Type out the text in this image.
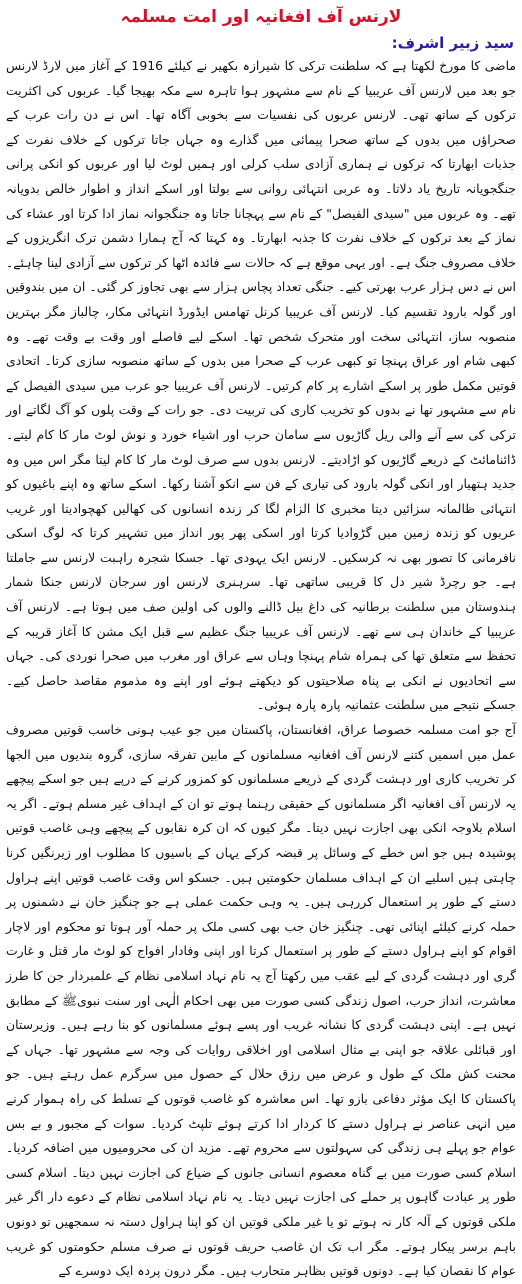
لارنس آف افغانیہ اور امت مسلمہ
سید زبیر اشرف:

ماضی کا مورخ لکھتا ہے کہ سلطنت ترکی کا شیرازہ بکھیر نے کیلئے 1916 کے آغاز میں لارڈ لارنس جو بعد میں لارنس آف عریبیا کے نام سے مشہور ہوا تاہرہ سے مکہ بھیجا گیا۔ عربوں کی اکثریت ترکوں کے ساتھ تھی۔ لارنس عربوں کی نفسیات سے بخوبی آگاہ تھا۔ اس نے دن رات عرب کے صحراؤں میں بدوں کے ساتھ صحرا پیمائی میں گذارے وہ جہاں جاتا ترکوں کے خلاف نفرت کے جذبات ابھارتا کہ ترکوں نے ہماری آزادی سلب کرلی اور ہمیں لوٹ لیا اور عربوں کو انکی پرانی جنگجویانہ تاریخ یاد دلاتا۔ وہ عربی انتہائی روانی سے بولتا اور اسکے انداز و اطوار خالص بدویانہ تھے۔ وہ عربوں میں "سیدی الفیصل" کے نام سے پہچانا جاتا وہ جنگجوانہ نماز ادا کرتا اور عشاء کی نماز کے بعد ترکوں کے خلاف نفرت کا جذبہ ابھارتا۔ وہ کہتا کہ آج ہمارا دشمن ترک انگریزوں کے خلاف مصروف جنگ ہے۔ اور یہی موقع ہے کہ حالات سے فائدہ اٹھا کر ترکوں سے آزادی لینا چاہئے۔ اس نے دس ہزار عرب بھرتی کیے۔ جنگی تعداد پچاس ہزار سے بھی تجاوز کر گئی۔ ان میں بندوقیں اور گولہ بارود تقسیم کیا۔ لارنس آف عریبیا کرنل تھامس ایڈورڈ انتہائی مکار، چالباز مگر بہترین منصوبہ ساز، انتہائی سخت اور متحرک شخص تھا۔ اسکے لیے فاصلے اور وقت بے وقت تھے۔ وہ کبھی شام اور عراق پہنچا تو کبھی عرب کے صحرا میں بدوں کے ساتھ منصوبہ سازی کرتا۔ اتحادی قوتیں مکمل طور پر اسکے اشارے پر کام کرتیں۔ لارنس آف عریبیا جو عرب میں سیدی الفیصل کے نام سے مشہور تھا نے بدوں کو تخریب کاری کی تربیت دی۔ جو رات کے وقت پلوں کو آگ لگاتے اور ترکی کی سے آنے والی ریل گاڑیوں سے سامان حرب اور اشیاء خورد و نوش لوٹ مار کا کام لیتے۔ ڈائنامائٹ کے ذریعے گاڑیوں کو اڑادیتے۔ لارنس بدوں سے صرف لوٹ مار کا کام لیتا مگر اس میں وہ جدید ہتھیار اور انکی گولہ بارود کی تیاری کے فن سے انکو آشنا رکھا۔ اسکے ساتھ وہ اپنے باغیوں کو انتہائی ظالمانہ سزائیں دیتا مخبری کا الزام لگا کر زندہ انسانوں کی کھالیں کھچوادیتا اور غریب عربوں کو زندہ زمین میں گڑوادیا کرتا اور اسکی پھر پور انداز میں تشہیر کرتا کہ لوگ اسکی نافرمانی کا تصور بھی نہ کرسکیں۔ لارنس ایک یہودی تھا۔ جسکا شجرہ راہبت لارنس سے جاملتا ہے۔ جو رچرڈ شیر دل کا قریبی ساتھی تھا۔ سرہنری لارنس اور سرجان لارنس جنکا شمار ہندوستان میں سلطنت برطانیہ کی داغ بیل ڈالنے والوں کی اولین صف میں ہوتا ہے۔ لارنس آف عریبیا کے خاندان ہی سے تھے۔ لارنس آف عریبیا جنگ عظیم سے قبل ایک مشن کا آغاز قریبہ کے تحفظ سے متعلق تھا کی ہمراہ شام پہنچا وہاں سے عراق اور مغرب میں صحرا نوردی کی۔ جہاں سے اتحادیوں نے انکی بے پناہ صلاحیتوں کو دیکھتے ہوئے اور اپنے وہ مذموم مقاصد حاصل کیے۔ جسکے نتیجے میں سلطنت عثمانیہ پارہ پارہ ہوئی۔

آج جو امت مسلمہ خصوصا عراق، افغانستان، پاکستان میں جو عیب ہونی خاسب قوتیں مصروف عمل میں اسمیں کتنے لارنس آف افغانیہ مسلمانوں کے مابین تفرقہ سازی، گروہ بندیوں میں الجھا کر تخریب کاری اور دہشت گردی کے ذریعے مسلمانوں کو کمزور کرنے کے درپے ہیں جو اسکے پیچھے یہ لارنس آف افغانیہ اگر مسلمانوں کے حقیقی رہنما ہوتے تو ان کے اہداف غیر مسلم ہوتے۔ اگر یہ اسلام بلاوجہ انکی بھی اجازت نہیں دیتا۔ مگر کیوں کہ ان کرہ نقابوں کے پیچھے وہی غاصب قوتیں پوشیدہ ہیں جو اس خطے کے وسائل پر قبضہ کرکے یہاں کے باسیوں کا مطلوب اور زیرنگیں کرنا چاہتی ہیں اسلیے ان کے اہداف مسلمان حکومتیں ہیں۔ جسکو اس وقت غاصب قوتیں اپنے ہراول دستے کے طور پر استعمال کررہی ہیں۔ یہ وہی حکمت عملی ہے جو چنگیز خان نے دشمنوں پر حملہ کرنے کیلئے اپنائی تھی۔ چنگیز خان جب بھی کسی ملک پر حملہ آور ہوتا تو محکوم اور لاچار اقوام کو اپنے ہراول دستے کے طور پر استعمال کرتا اور اپنی وفادار افواج کو لوٹ مار قتل و غارت گری اور دہشت گردی کے لیے عقب میں رکھتا آج یہ نام نہاد اسلامی نظام کے علمبردار جن کا طرز معاشرت، انداز حرب، اصول زندگی کسی صورت میں بھی احکام الٰہی اور سنت نبویﷺ کے مطابق نہیں ہے۔ اپنی دہشت گردی کا نشانہ غریب اور پسے ہوئے مسلمانوں کو بنا رہے ہیں۔ وزیرستان اور قبائلی علاقہ جو اپنی بے مثال اسلامی اور اخلاقی روایات کی وجہ سے مشہور تھا۔ جہاں کے محنت کش ملک کے طول و عرض میں رزق حلال کے حصول میں سرگرم عمل رہتے ہیں۔ جو پاکستان کا ایک مؤثر دفاعی بازو تھا۔ اس معاشرہ کو غاصب قوتوں کے تسلط کی راہ ہموار کرنے میں انہی عناصر نے ہراول دستے کا کردار ادا کرتے ہوئے تلپٹ کردیا۔ سوات کے مجبور و بے بس عوام جو پہلے ہی زندگی کی سہولتوں سے محروم تھے۔ مزید ان کی محرومیوں میں اضافہ کردیا۔ اسلام کسی صورت میں بے گناہ معصوم انسانی جانوں کے ضیاع کی اجازت نہیں دیتا۔ اسلام کسی طور پر عبادت گاہوں پر حملے کی اجازت نہیں دیتا۔ یہ نام نہاد اسلامی نظام کے دعوے دار اگر غیر ملکی قوتوں کے آلہ کار نہ ہوتے تو یا غیر ملکی قوتیں ان کو اپنا ہراول دستہ نہ سمجھیں تو دونوں باہم برسر پیکار ہوتے۔ مگر اب تک ان غاصب حریف قوتوں نے صرف مسلم حکومتوں کو غریب عوام کا نقصان کیا ہے۔ دونوں قوتیں بظاہر متحارب ہیں۔ مگر درون پردہ ایک دوسرے کے
